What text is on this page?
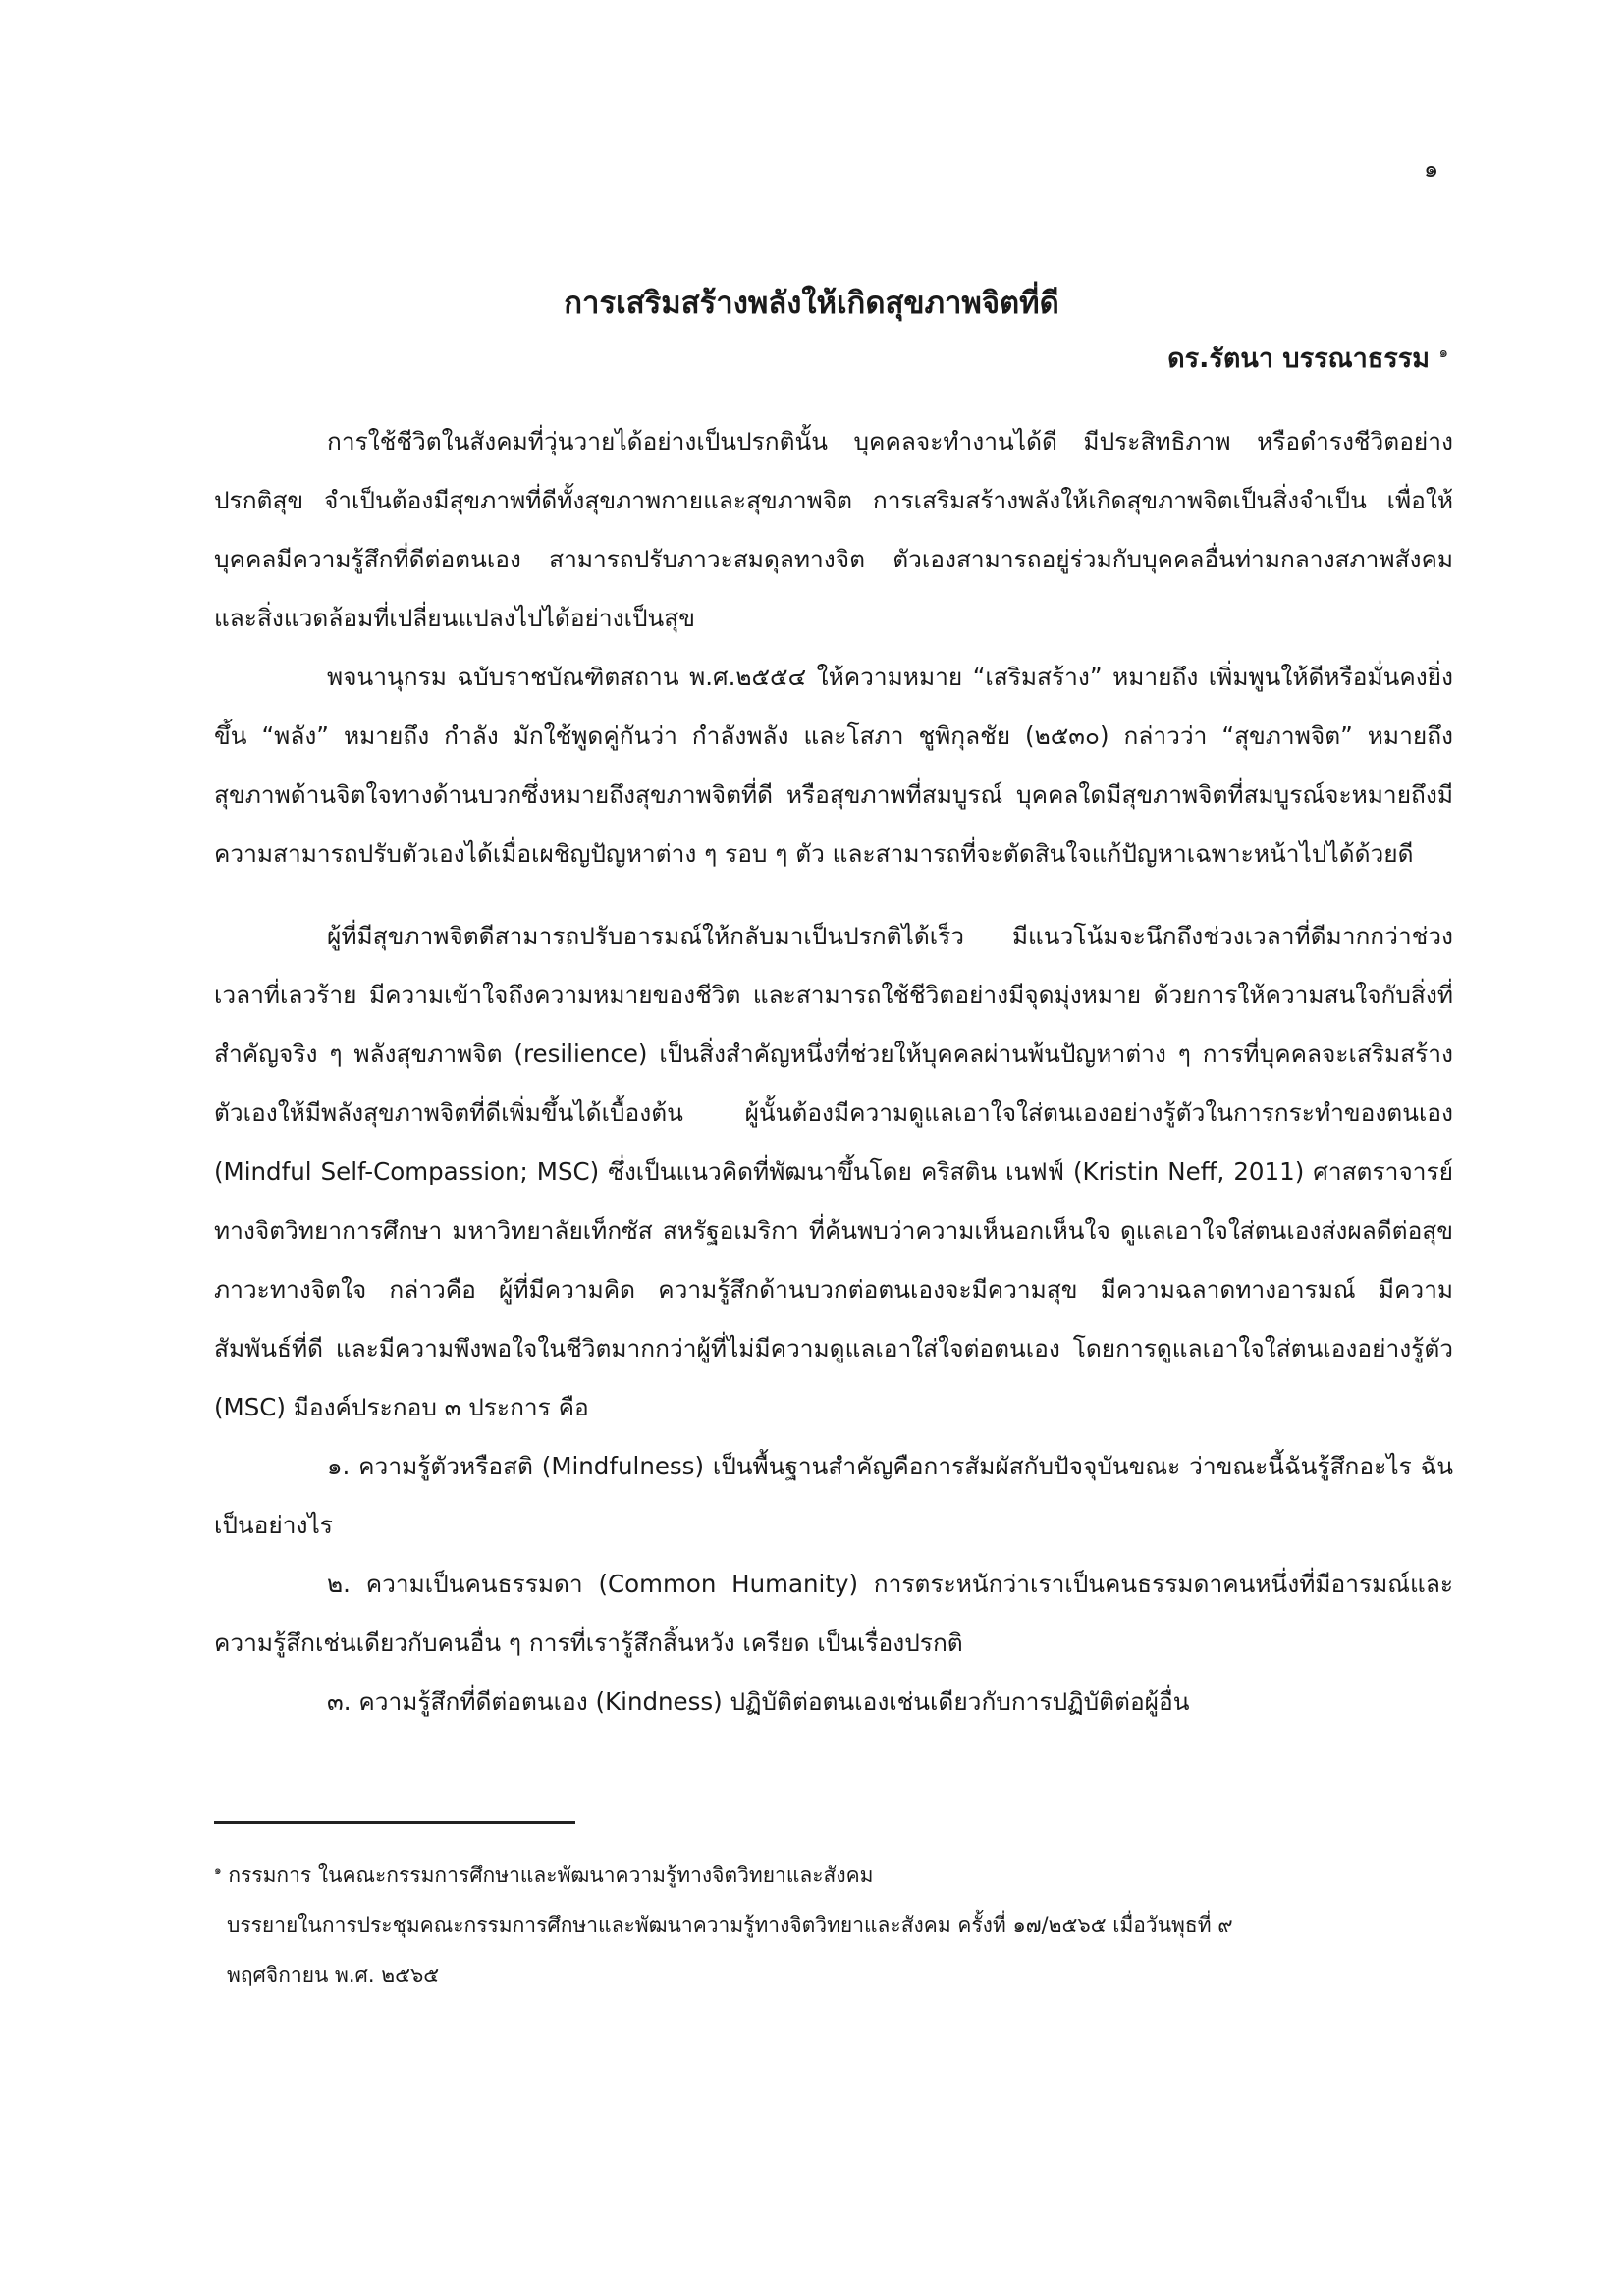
๑
การเสริมสร้างพลังให้เกิดสุขภาพจิตที่ดี
ดร.รัตนา บรรณาธรรม $^๑$

การใช้ชีวิตในสังคมที่วุ่นวายได้อย่างเป็นปรกตินั้น บุคคลจะทำงานได้ดี มีประสิทธิภาพ หรือดำรงชีวิตอย่างปรกติสุข จำเป็นต้องมีสุขภาพที่ดีทั้งสุขภาพกายและสุขภาพจิต การเสริมสร้างพลังให้เกิดสุขภาพจิตเป็นสิ่งจำเป็น เพื่อให้บุคคลมีความรู้สึกที่ดีต่อตนเอง สามารถปรับภาวะสมดุลทางจิต ตัวเองสามารถอยู่ร่วมกับบุคคลอื่นท่ามกลางสภาพสังคมและสิ่งแวดล้อมที่เปลี่ยนแปลงไปได้อย่างเป็นสุข

พจนานุกรม ฉบับราชบัณฑิตสถาน พ.ศ.๒๕๕๔ ให้ความหมาย “เสริมสร้าง” หมายถึง เพิ่มพูนให้ดีหรือมั่นคงยิ่งขึ้น “พลัง” หมายถึง กำลัง มักใช้พูดคู่กันว่า กำลังพลัง และโสภา ชูพิกุลชัย (๒๕๓๐) กล่าวว่า “สุขภาพจิต” หมายถึง สุขภาพด้านจิตใจทางด้านบวกซึ่งหมายถึงสุขภาพจิตที่ดี หรือสุขภาพที่สมบูรณ์ บุคคลใดมีสุขภาพจิตที่สมบูรณ์จะหมายถึงมีความสามารถปรับตัวเองได้เมื่อเผชิญปัญหาต่าง ๆ รอบ ๆ ตัว และสามารถที่จะตัดสินใจแก้ปัญหาเฉพาะหน้าไปได้ด้วยดี

ผู้ที่มีสุขภาพจิตดีสามารถปรับอารมณ์ให้กลับมาเป็นปรกติได้เร็ว มีแนวโน้มจะนึกถึงช่วงเวลาที่ดีมากกว่าช่วงเวลาที่เลวร้าย มีความเข้าใจถึงความหมายของชีวิต และสามารถใช้ชีวิตอย่างมีจุดมุ่งหมาย ด้วยการให้ความสนใจกับสิ่งที่สำคัญจริง ๆ พลังสุขภาพจิต (resilience) เป็นสิ่งสำคัญหนึ่งที่ช่วยให้บุคคลผ่านพ้นปัญหาต่าง ๆ การที่บุคคลจะเสริมสร้างตัวเองให้มีพลังสุขภาพจิตที่ดีเพิ่มขึ้นได้เบื้องต้น ผู้นั้นต้องมีความดูแลเอาใจใส่ตนเองอย่างรู้ตัวในการกระทำของตนเอง (Mindful Self-Compassion; MSC) ซึ่งเป็นแนวคิดที่พัฒนาขึ้นโดย คริสติน เนฟฟ์ (Kristin Neff, 2011) ศาสตราจารย์ทางจิตวิทยาการศึกษา มหาวิทยาลัยเท็กซัส สหรัฐอเมริกา ที่ค้นพบว่าความเห็นอกเห็นใจ ดูแลเอาใจใส่ตนเองส่งผลดีต่อสุขภาวะทางจิตใจ กล่าวคือ ผู้ที่มีความคิด ความรู้สึกด้านบวกต่อตนเองจะมีความสุข มีความฉลาดทางอารมณ์ มีความสัมพันธ์ที่ดี และมีความพึงพอใจในชีวิตมากกว่าผู้ที่ไม่มีความดูแลเอาใส่ใจต่อตนเอง โดยการดูแลเอาใจใส่ตนเองอย่างรู้ตัว (MSC) มีองค์ประกอบ ๓ ประการ คือ

๑. ความรู้ตัวหรือสติ (Mindfulness) เป็นพื้นฐานสำคัญคือการสัมผัสกับปัจจุบันขณะ ว่าขณะนี้ฉันรู้สึกอะไร ฉันเป็นอย่างไร

๒. ความเป็นคนธรรมดา (Common Humanity) การตระหนักว่าเราเป็นคนธรรมดาคนหนึ่งที่มีอารมณ์และความรู้สึกเช่นเดียวกับคนอื่น ๆ การที่เรารู้สึกสิ้นหวัง เครียด เป็นเรื่องปรกติ

๓. ความรู้สึกที่ดีต่อตนเอง (Kindness) ปฏิบัติต่อตนเองเช่นเดียวกับการปฏิบัติต่อผู้อื่น

$^๑$ กรรมการ ในคณะกรรมการศึกษาและพัฒนาความรู้ทางจิตวิทยาและสังคม

บรรยายในการประชุมคณะกรรมการศึกษาและพัฒนาความรู้ทางจิตวิทยาและสังคม ครั้งที่ ๑๗/๒๕๖๕ เมื่อวันพุธที่ ๙

พฤศจิกายน พ.ศ. ๒๕๖๕
